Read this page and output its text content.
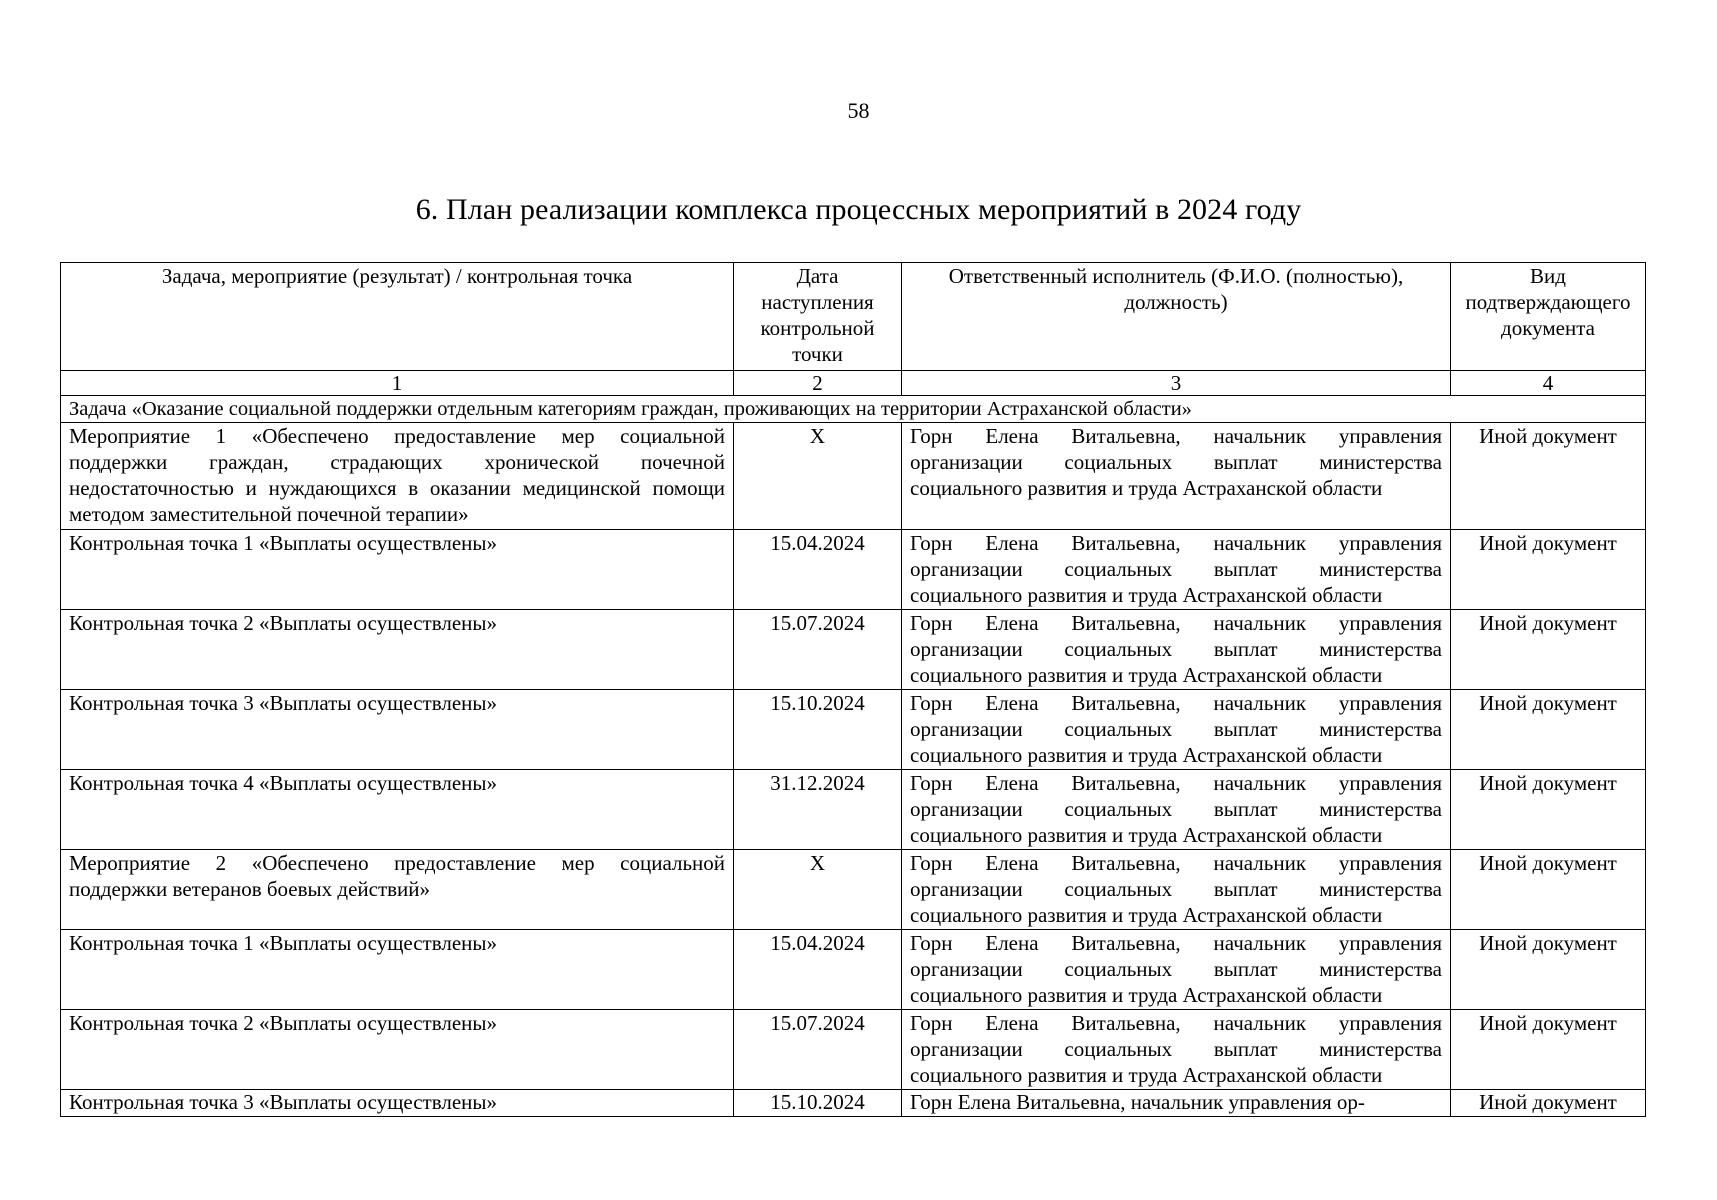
58
6. План реализации комплекса процессных мероприятий в 2024 году
Задача, мероприятие (результат) / контрольная точка	Дата наступления контрольной точки	Ответственный исполнитель (Ф.И.О. (полностью), должность)	Вид подтверждающего документа
1	2	3	4
Задача «Оказание социальной поддержки отдельным категориям граждан, проживающих на территории Астраханской области»			
Мероприятие 1 «Обеспечено предоставление мер социальной поддержки граждан, страдающих хронической почечной недостаточностью и нуждающихся в оказании медицинской помощи методом заместительной почечной терапии»	X	Горн Елена Витальевна, начальник управления организации социальных выплат министерства социального развития и труда Астраханской области	Иной документ
Контрольная точка 1 «Выплаты осуществлены»	15.04.2024	Горн Елена Витальевна, начальник управления организации социальных выплат министерства социального развития и труда Астраханской области	Иной документ
Контрольная точка 2 «Выплаты осуществлены»	15.07.2024	Горн Елена Витальевна, начальник управления организации социальных выплат министерства социального развития и труда Астраханской области	Иной документ
Контрольная точка 3 «Выплаты осуществлены»	15.10.2024	Горн Елена Витальевна, начальник управления организации социальных выплат министерства социального развития и труда Астраханской области	Иной документ
Контрольная точка 4 «Выплаты осуществлены»	31.12.2024	Горн Елена Витальевна, начальник управления организации социальных выплат министерства социального развития и труда Астраханской области	Иной документ
Мероприятие 2 «Обеспечено предоставление мер социальной поддержки ветеранов боевых действий»	X	Горн Елена Витальевна, начальник управления организации социальных выплат министерства социального развития и труда Астраханской области	Иной документ
Контрольная точка 1 «Выплаты осуществлены»	15.04.2024	Горн Елена Витальевна, начальник управления организации социальных выплат министерства социального развития и труда Астраханской области	Иной документ
Контрольная точка 2 «Выплаты осуществлены»	15.07.2024	Горн Елена Витальевна, начальник управления организации социальных выплат министерства социального развития и труда Астраханской области	Иной документ
Контрольная точка 3 «Выплаты осуществлены»	15.10.2024	Горн Елена Витальевна, начальник управления ор-	Иной документ
